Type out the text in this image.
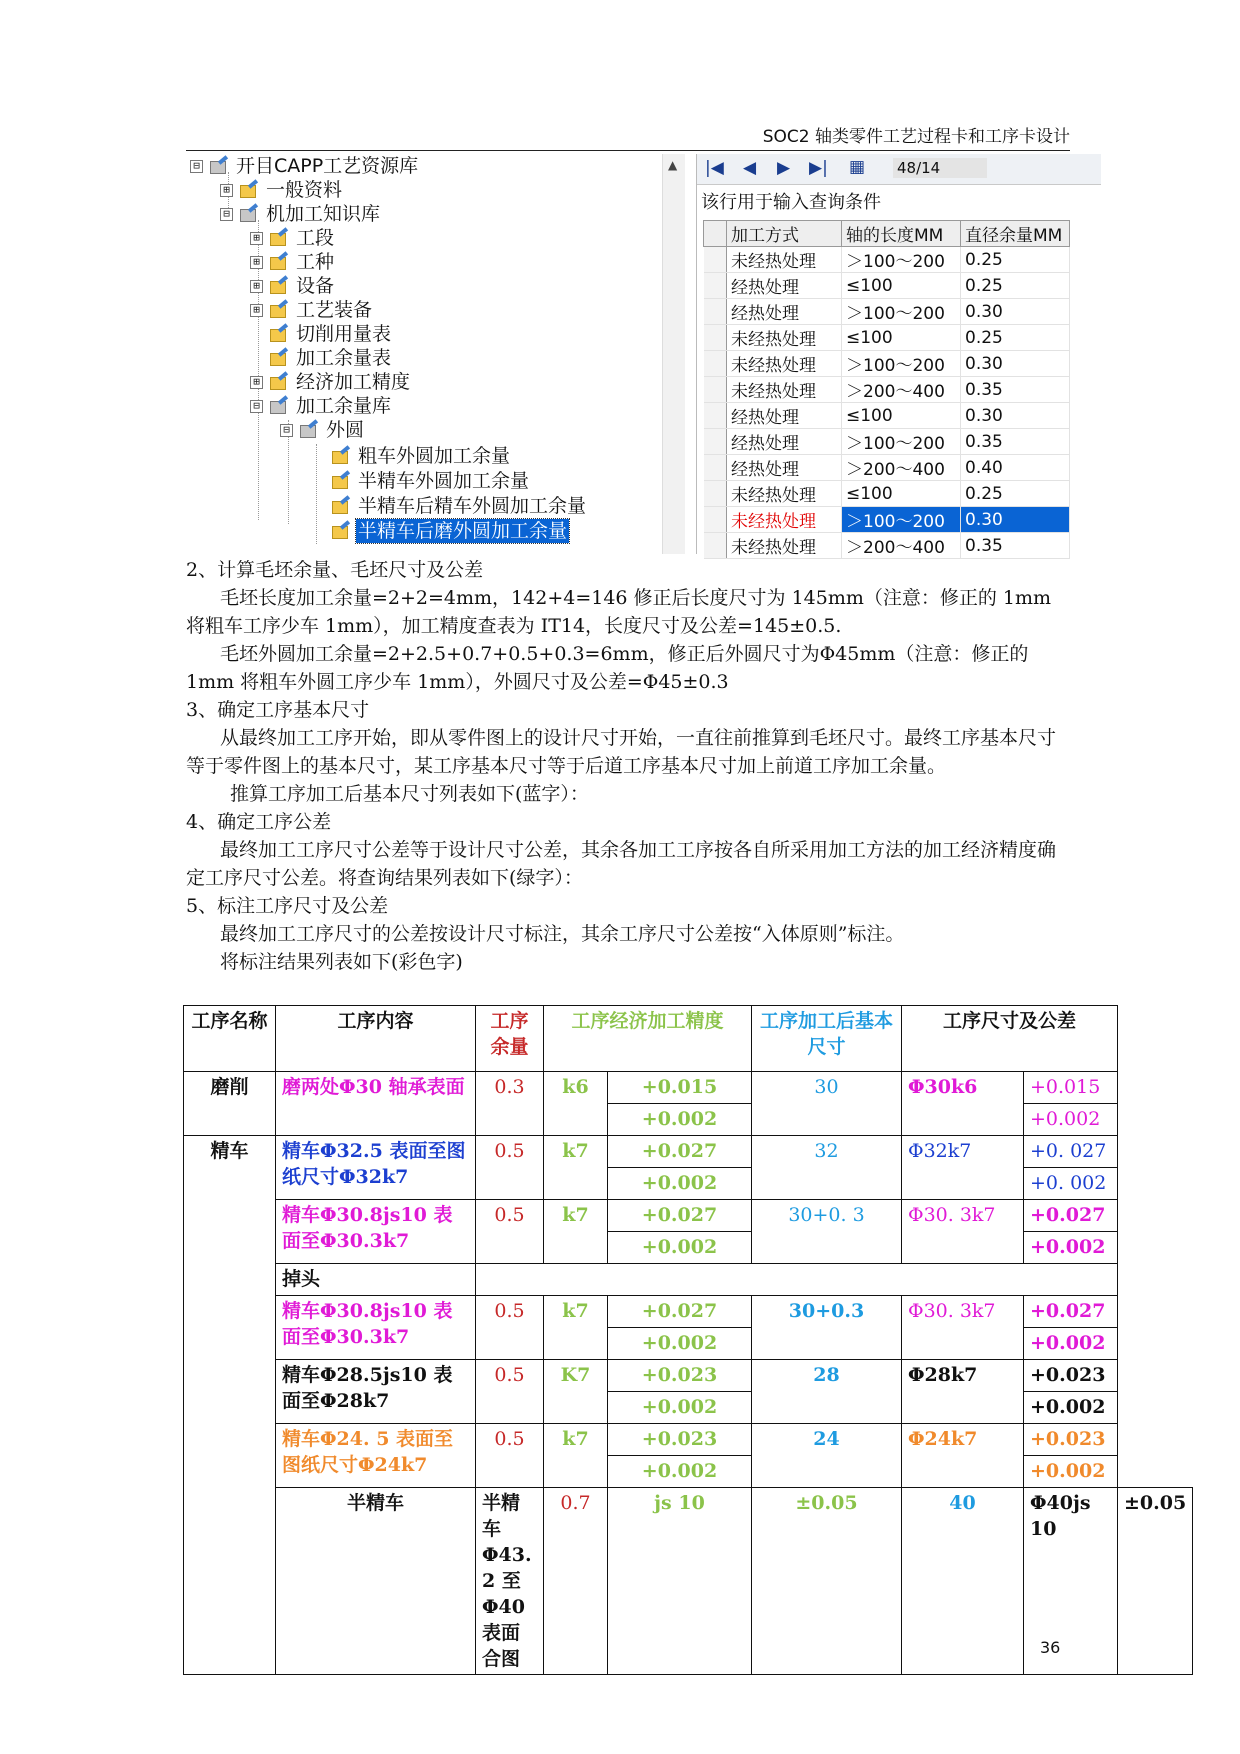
SOC2 轴类零件工艺过程卡和工序卡设计
⊟ 开目CAPP工艺资源库
⊞ 一般资料
⊟ 机加工知识库
⊞ 工段
⊞ 工种
⊞ 设备
⊞ 工艺装备
切削用量表
加工余量表
⊞ 经济加工精度
⊟ 加工余量库
⊟ 外圆
粗车外圆加工余量
半精车外圆加工余量
半精车后精车外圆加工余量
半精车后磨外圆加工余量
▲ |◀ ◀ ▶ ▶| ▦ 48/14
该行用于输入查询条件
	加工方式	轴的长度MM	直径余量MM
	未经热处理	＞100～200	0.25
	经热处理	≤100	0.25
	经热处理	＞100～200	0.30
	未经热处理	≤100	0.25
	未经热处理	＞100～200	0.30
	未经热处理	＞200～400	0.35
	经热处理	≤100	0.30
	经热处理	＞100～200	0.35
	经热处理	＞200～400	0.40
	未经热处理	≤100	0.25
	未经热处理	＞100～200	0.30
	未经热处理	＞200～400	0.35

2、计算毛坯余量、毛坯尺寸及公差

毛坯长度加工余量=2+2=4mm，142+4=146 修正后长度尺寸为 145mm（注意：修正的 1mm 将粗车工序少车 1mm），加工精度查表为 IT14，长度尺寸及公差=145±0.5.

毛坯外圆加工余量=2+2.5+0.7+0.5+0.3=6mm，修正后外圆尺寸为Φ45mm（注意：修正的 1mm 将粗车外圆工序少车 1mm），外圆尺寸及公差=Φ45±0.3

3、确定工序基本尺寸

从最终加工工序开始，即从零件图上的设计尺寸开始，一直往前推算到毛坯尺寸。最终工序基本尺寸等于零件图上的基本尺寸，某工序基本尺寸等于后道工序基本尺寸加上前道工序加工余量。

推算工序加工后基本尺寸列表如下(蓝字）：

4、确定工序公差

最终加工工序尺寸公差等于设计尺寸公差，其余各加工工序按各自所采用加工方法的加工经济精度确定工序尺寸公差。将查询结果列表如下(绿字）：

5、标注工序尺寸及公差

最终加工工序尺寸的公差按设计尺寸标注，其余工序尺寸公差按“入体原则”标注。

将标注结果列表如下(彩色字)

工序名称	工序内容	工序余量	工序经济加工精度		工序加工后基本尺寸	工序尺寸及公差		
磨削	磨两处Φ30 轴承表面	0.3	k6	+0.015	30	Φ30k6	+0.015	
				+0.002			+0.002	
精车	精车Φ32.5 表面至图纸尺寸Φ32k7	0.5	k7	+0.027	32	Φ32k7	+0. 027	
				+0.002			+0. 002	
	精车Φ30.8js10 表面至Φ30.3k7	0.5	k7	+0.027	30+0. 3	Φ30. 3k7	+0.027	
				+0.002			+0.002	
	掉头							
	精车Φ30.8js10 表面至Φ30.3k7	0.5	k7	+0.027	30+0.3	Φ30. 3k7	+0.027	
				+0.002			+0.002	
	精车Φ28.5js10 表面至Φ28k7	0.5	K7	+0.023	28	Φ28k7	+0.023	
				+0.002			+0.002	
	精车Φ24. 5 表面至图纸尺寸Φ24k7	0.5	k7	+0.023	24	Φ24k7	+0.023	
				+0.002			+0.002	
	半精车	半精车Φ43. 2 至Φ40 表面合图	0.7	js 10	±0.05	40	Φ40js 10	±0.05
36
